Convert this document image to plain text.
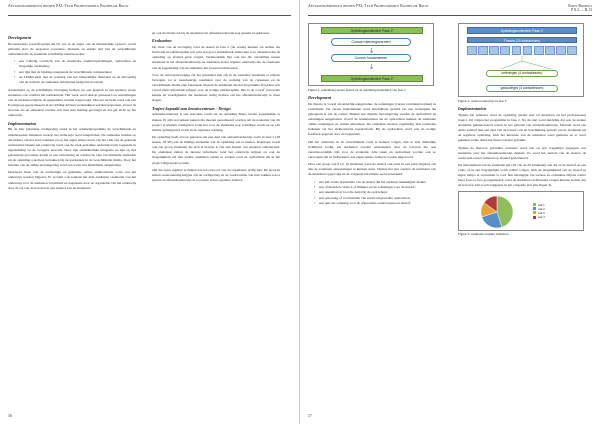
Afstandsonderwijs binnen PXL-Tech Professionele Bachelor Bouw
Development

Bovenstaande poortaflopstijn dat bij ons in de wijze van de inhoudelijke opbouw wordt gebruikt door de projecten voorziene, diensten en enkele tijd van de verschillende onderdelen die de studenten schriftelijk beantwoorden:

• een volledig overzicht van de modulaire studieverplichtingen, opdrachten en mogelijke verdieping;
• een lijst met de bijdrage aangaande de verschillende competenties;
• de LEMO-tekst met de werking van het inhoudelijke materiaal en de uitvoering van de rechten: de studenten informeren tijdig hun docenten.

Aansluitend op de schriftelijke bevraging hebben we een gesprek in een kleinere groep studenten ook rondom het lesmateriaal. Het werk werd daarop gebaseerd en aanvullingen van de studenten tijdens de gesprekken werden toegevoegd. Met zes lectoren werd ook een Focusgroep georganiseerd in de richting dat hun werkstukken werden besproken. Zowel de lectoren als de studenten werden ook naar hun mening gevraagd en dat gaf zicht op het onderwijs.

Implementation

Bij de hier gebruikte vormgeving stond in het schakelprogramma de verschillende en uiteenlopende manieren waarop het onderwijs werd aangeboden. De studenten konden op die manier om het even wanneer en op het eigen tempo leren. Op het vlak van de gekende werkwijzen binnen het onderwijs werd ook de vaak gebruikte onderwijsvorm toegepast in tegenstelling tot de vroegere lesvorm. Door zijn onmiddellijke integratie en zijn op tijd gebaseerde procedure kwam er een verbetering en werden de vele verschillende studenten uit de opleiding ook meer betrokken bij de leerkansen in de verschillende media. Door het inzetten van de online leeromgeving werd een vorm van flexibiliteit aangeboden.

Daarnaast moet ook de nachtelijke en gemaakte online elektronische vorm van het onderwijs worden bijgezet. Er worden ook rondom het hele studiejaar resultaten van het onderwijs voor de studenten verzameld en nagelezen door de organisatie van het onderwijs door de rol van de lectoren in een aanbod van de studenten.

en ook motivatie zal bij de studenten uit afstandsonderwijs nog gesteld en gebleven.

Evaluation

Op basis van de bevraging rond de lessen in fase 2 (de versie) kunnen we stellen dat motivatie en zelfdiscipline wel echt een groot struikelblok zullen zijn voor studenten die de opleiding op afstand gaan volgen. Vermoedelijk zijn ook net die verschillen tussen studenten in het afstandsonderwijs en studenten in het regulier onderwijs die de resultaten van de begeleiding van de studenten het zwaarst beïnvloeden.

Voor de ontwerpbevraging zal het essentieel zijn om in de toekomst studenten te blijven bevragen, tot er nauwkeurige resultaten over de werking van de cursussen en de verschillende media zijn. Daarnaast moeten de studenten die het programma afwerken ook vooraf meer informatie krijgen over de nodige zelfdiscipline. Het is de vooraf verwachte kennis en vaardigheden die studenten nodig hebben om het afstandsonderwijs te doen slagen.

Traject bepaald aan kenniscentrum - Design

Afstandsonderwijs is een relevante vorm om de opleiding Bouw breder toegankelijk te maken. Er zijn wel enkele punten die moeten gerealiseerd worden om de toekomst van dit project te kunnen vormgeven zodat het voor de studenten nog vollediger wordt en op een manier geïntegreerd wordt in de reguliere werking.

De opleiding heeft ervoor gekozen om een deel van afstandsonderwijs zoals in fase 2 (28 lessen, 28 SP) aan de huidige studenten van de opleiding aan te bieden. Daarnaast wordt ook een groep studenten die zich al bewust is van zijn manier van studeren ondersteund. De studenten zullen de nieuwe informatie rond het onderwijs krijgen en ook de mogelijkheid om met andere studenten samen te werken rond de opdrachten die in het project uitgewerkt worden.

Om die opzet regulier te maken zal een extra rol van de organisatie nodig zijn. De lectoren zullen ondersteuning krijgen om de vormgeving en de werkvormen van hun vakken aan te passen en afstandsonderwijs in te passen in het reguliere aanbod.

16
Afstandsonderwijs binnen PXL-Tech Professionele Bachelor Bouw	Koen Romeus
P.X.L. – B.13
Opleidingsonderdeel ‘Fase 2’
Cursus rolerningsvormen
Cursus fundamenten
Opleidingsonderdeel ‘Fase 2’
Figuur 1: samenhang tussen lesstof en de opleidingsonderdelen van fase 2
Development

De theorie is vooraf afzonderlijk aangeboden, de oefeningen (cursus rolerningsvormen) in combinatie. De cursus fundamenten werd beschikbaar gesteld via een webpagina die gekoppeld is aan de cursus. Binnen een digitale leeromgeving werden de opdrachten en oefeningen aangeboden. Zowel de lesmaterialen als de opdrachten kunnen de studenten online raadplegen en samen uitwerken. De studenten moeten regelmatig hun resultaten indienen via het elektronische leerplatform. Bij de opdrachten werd ook de nodige feedback gegeven door de begeleider.

Om het onderwijs in de verschillende vorm te kunnen volgen, zijn er veel duidelijke richtlijnen nodig. De studenten worden ondersteund door de lectoren die ook verantwoordelijk zijn voor de evaluatie. Alle taken en opdrachten worden ook zo ontworpen dat ze individueel, aan eigen tempo, kunnen worden uitgevoerd.

Door een groep van 8 tot 10 studenten werd de lesstof ook eerst in een pilot uitgetest om dan de eventuele aanpassingen te kunnen doen. Tijdens het jaar werden de resultaten van de studenten opgevolgd en de volgende informatie werd verzameld:

• een pdf-versie presentatie van de lesstof die het studeren makkelijker maakt;
• een of meerdere video's of filmpjes en de oefeningen voor de lesstof;
• een rekenblad of tool die helpt bij de opdrachten;
• een oplossing of voorbeelden van eerder uitgewerkte opdrachten;
• een quiz als oefening voor de afgewerkte onderwerpen en lesstof.
Opleidingsonderdeel ‘Fase 2’
Theorie (10 videolessen)
oefeningen (4 contactlessen)
gastcolleges (4 contactlessen)
Figuur 2: aanbod onderwijs in fase 2
Implementation

Tijdens het semester werd de opleiding gestart met 10 studenten uit het professioneel traject. Zij volgen het programma in fase 2. Na de start werd duidelijk dat ook de andere studenten geïnteresseerd waren in het gebruik van afstandsonderwijs. Daarom werd een ander aanbod met een deel van de lesstof ook ter beschikking gesteld van de studenten uit de reguliere opleiding. Ook het interesse van de studenten werd gemeten en er werd gekeken welke delen het meest werden gebruikt.

Tijdens de hiervoor gebruikte evaluatie werd ook op een vragenlijst nagegaan wat studenten over het afstandsonderwijs denken. Zo werd het aanbod van de lesstof, de werkvorm en het studeren op afstand geëvalueerd.

De meerderheid van de studenten gaf (18 van de 20 studenten) aan dat ze de lesstof op een video of in een begrijpelijke vorm willen volgen. Ook de mogelijkheid om de lesstof in eigen tempo te verwerken is voor hen belangrijk. De toetsen en evaluaties blijven echter beter face-to-face georganiseerd, waar de studenten rechtstreeks vragen kunnen stellen aan de lectoren. Dit wordt aangepast in het volgende jaar (zie figuur 3).

vak 1
vak 2
vak 3
vak 4
Figuur 3: resultaten enquête studenten
17
